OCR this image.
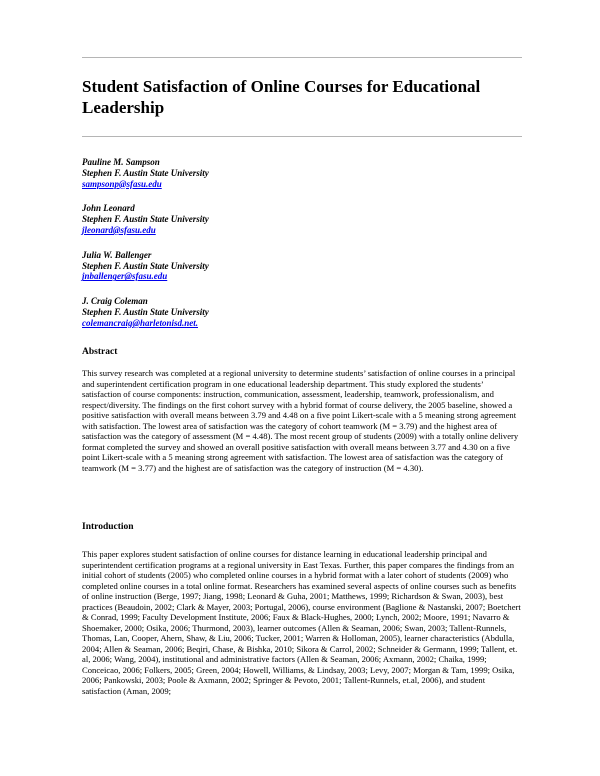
Student Satisfaction of Online Courses for Educational Leadership
Pauline M. Sampson
Stephen F. Austin State University
sampsonp@sfasu.edu
John Leonard
Stephen F. Austin State University
jleonard@sfasu.edu
Julia W. Ballenger
Stephen F. Austin State University
jnballenger@sfasu.edu
J. Craig Coleman
Stephen F. Austin State University
colemancraig@harletonisd.net.
Abstract

This survey research was completed at a regional university to determine students’ satisfaction of online courses in a principal and superintendent certification program in one educational leadership department. This study explored the students’ satisfaction of course components: instruction, communication, assessment, leadership, teamwork, professionalism, and respect/diversity. The findings on the first cohort survey with a hybrid format of course delivery, the 2005 baseline, showed a positive satisfaction with overall means between 3.79 and 4.48 on a five point Likert-scale with a 5 meaning strong agreement with satisfaction. The lowest area of satisfaction was the category of cohort teamwork (M = 3.79) and the highest area of satisfaction was the category of assessment (M = 4.48). The most recent group of students (2009) with a totally online delivery format completed the survey and showed an overall positive satisfaction with overall means between 3.77 and 4.30 on a five point Likert-scale with a 5 meaning strong agreement with satisfaction. The lowest area of satisfaction was the category of teamwork (M = 3.77) and the highest are of satisfaction was the category of instruction (M = 4.30).

Introduction

This paper explores student satisfaction of online courses for distance learning in educational leadership principal and superintendent certification programs at a regional university in East Texas. Further, this paper compares the findings from an initial cohort of students (2005) who completed online courses in a hybrid format with a later cohort of students (2009) who completed online courses in a total online format. Researchers has examined several aspects of online courses such as benefits of online instruction (Berge, 1997; Jiang, 1998; Leonard & Guha, 2001; Matthews, 1999; Richardson & Swan, 2003), best practices (Beaudoin, 2002; Clark & Mayer, 2003; Portugal, 2006), course environment (Baglione & Nastanski, 2007; Boetchert & Conrad, 1999; Faculty Development Institute, 2006; Faux & Black-Hughes, 2000; Lynch, 2002; Moore, 1991; Navarro & Shoemaker, 2000; Osika, 2006; Thurmond, 2003), learner outcomes (Allen & Seaman, 2006; Swan, 2003; Tallent-Runnels, Thomas, Lan, Cooper, Ahern, Shaw, & Liu, 2006; Tucker, 2001; Warren & Holloman, 2005), learner characteristics (Abdulla, 2004; Allen & Seaman, 2006; Beqiri, Chase, & Bishka, 2010; Sikora & Carrol, 2002; Schneider & Germann, 1999; Tallent, et. al, 2006; Wang, 2004), institutional and administrative factors (Allen & Seaman, 2006; Axmann, 2002; Chaika, 1999; Conceicao, 2006; Folkers, 2005; Green, 2004; Howell, Williams, & Lindsay, 2003; Levy, 2007; Morgan & Tam, 1999; Osika, 2006; Pankowski, 2003; Poole & Axmann, 2002; Springer & Pevoto, 2001; Tallent-Runnels, et.al, 2006), and student satisfaction (Aman, 2009;
